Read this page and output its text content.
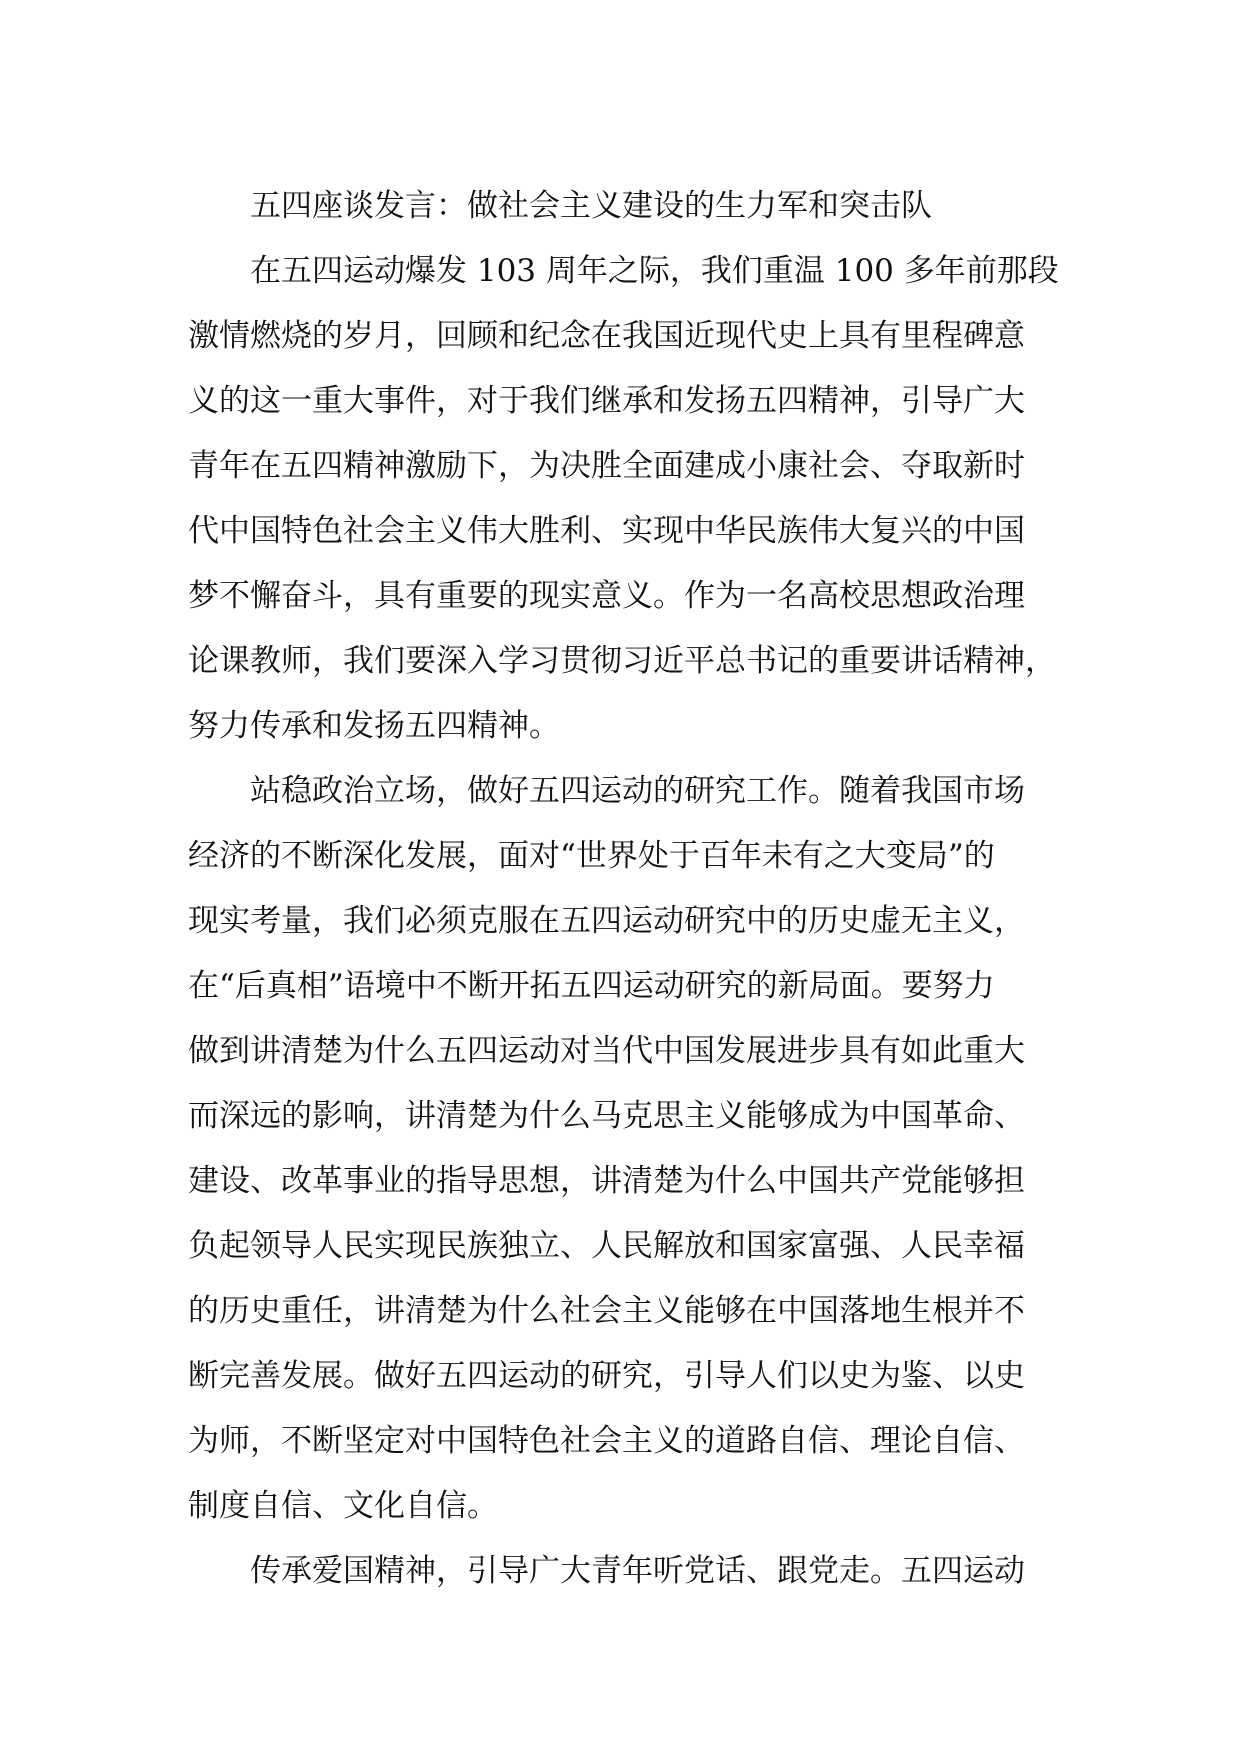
五四座谈发言：做社会主义建设的生力军和突击队
在五四运动爆发 103 周年之际，我们重温 100 多年前那段
激情燃烧的岁月，回顾和纪念在我国近现代史上具有里程碑意
义的这一重大事件，对于我们继承和发扬五四精神，引导广大
青年在五四精神激励下，为决胜全面建成小康社会、夺取新时
代中国特色社会主义伟大胜利、实现中华民族伟大复兴的中国
梦不懈奋斗，具有重要的现实意义。作为一名高校思想政治理
论课教师，我们要深入学习贯彻习近平总书记的重要讲话精神，
努力传承和发扬五四精神。
站稳政治立场，做好五四运动的研究工作。随着我国市场
经济的不断深化发展，面对“世界处于百年未有之大变局”的
现实考量，我们必须克服在五四运动研究中的历史虚无主义，
在“后真相”语境中不断开拓五四运动研究的新局面。要努力
做到讲清楚为什么五四运动对当代中国发展进步具有如此重大
而深远的影响，讲清楚为什么马克思主义能够成为中国革命、
建设、改革事业的指导思想，讲清楚为什么中国共产党能够担
负起领导人民实现民族独立、人民解放和国家富强、人民幸福
的历史重任，讲清楚为什么社会主义能够在中国落地生根并不
断完善发展。做好五四运动的研究，引导人们以史为鉴、以史
为师，不断坚定对中国特色社会主义的道路自信、理论自信、
制度自信、文化自信。
传承爱国精神，引导广大青年听党话、跟党走。五四运动
